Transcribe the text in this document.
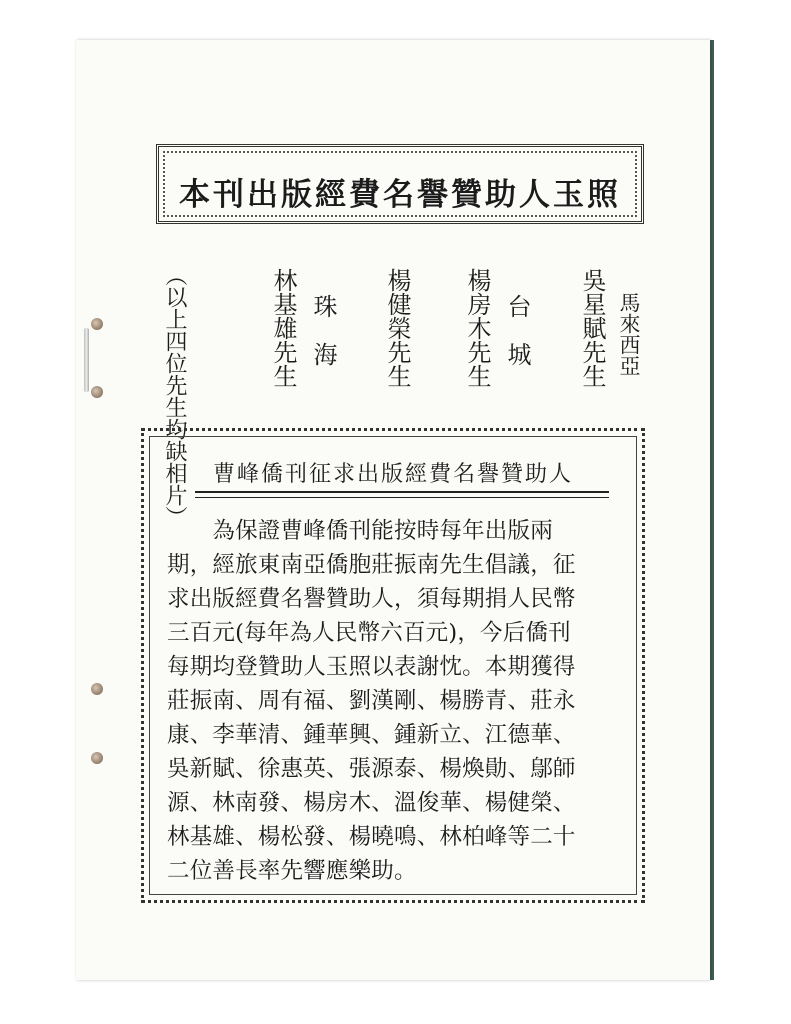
本刊出版經費名譽贊助人玉照
馬來西亞
吳星賦先生
台　城
楊房木先生
楊健榮先生
珠　海
林基雄先生
（以上四位先生均缺相片）	曹峰僑刊征求出版經費名譽贊助人
　　為保證曹峰僑刊能按時每年出版兩
期，經旅東南亞僑胞莊振南先生倡議，征
求出版經費名譽贊助人，須每期捐人民幣
三百元(每年為人民幣六百元)，今后僑刊
每期均登贊助人玉照以表謝忱。本期獲得
莊振南、周有福、劉漢剛、楊勝青、莊永
康、李華清、鍾華興、鍾新立、江德華、
吳新賦、徐惠英、張源泰、楊煥勛、鄔師
源、林南發、楊房木、溫俊華、楊健榮、
林基雄、楊松發、楊曉鳴、林柏峰等二十
二位善長率先響應樂助。
